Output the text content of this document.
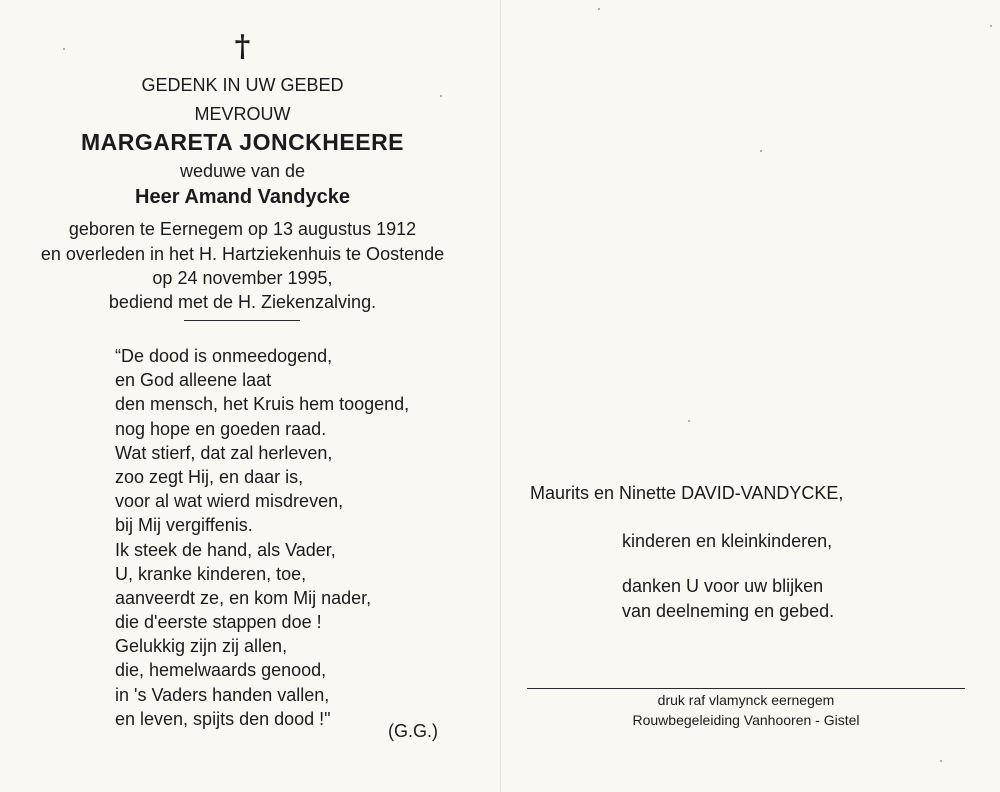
†
GEDENK IN UW GEBED
MEVROUW
MARGARETA JONCKHEERE
weduwe van de
Heer Amand Vandycke
geboren te Eernegem op 13 augustus 1912
en overleden in het H. Hartziekenhuis te Oostende
op 24 november 1995,
bediend met de H. Ziekenzalving.
“De dood is onmeedogend,
en God alleene laat
den mensch, het Kruis hem toogend,
nog hope en goeden raad.
Wat stierf, dat zal herleven,
zoo zegt Hij, en daar is,
voor al wat wierd misdreven,
bij Mij vergiffenis.
Ik steek de hand, als Vader,
U, kranke kinderen, toe,
aanveerdt ze, en kom Mij nader,
die d'eerste stappen doe !
Gelukkig zijn zij allen,
die, hemelwaards genood,
in 's Vaders handen vallen,
en leven, spijts den dood !"
(G.G.)
Maurits en Ninette DAVID-VANDYCKE,
kinderen en kleinkinderen,
danken U voor uw blijken
van deelneming en gebed.
druk raf vlamynck eernegem
Rouwbegeleiding Vanhooren - Gistel
